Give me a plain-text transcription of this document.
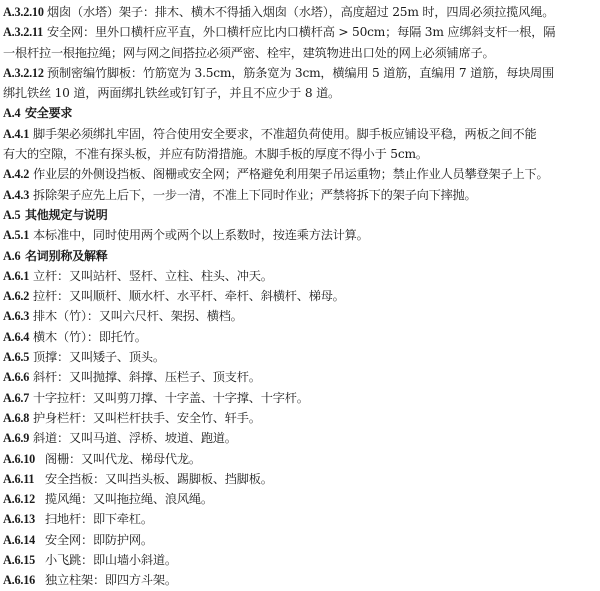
A.3.2.10 烟囱（水塔）架子：排木、横木不得插入烟囱（水塔），高度超过 25m 时，四周必须拉揽风绳。
A.3.2.11 安全网：里外口横杆应平直，外口横杆应比内口横杆高 > 50cm；每隔 3m 应绑斜支杆一根，隔
一根杆拉一根拖拉绳；网与网之间搭拉必须严密、栓牢，建筑物进出口处的网上必须铺席子。
A.3.2.12 预制密编竹脚板：竹筋宽为 3.5cm，筋条宽为 3cm，横编用 5 道筋，直编用 7 道筋，每块周围
绑扎铁丝 10 道，两面绑扎铁丝或钉钉子，并且不应少于 8 道。
A.4 安全要求
A.4.1 脚手架必须绑扎牢固，符合使用安全要求，不准超负荷使用。脚手板应铺设平稳，两板之间不能
有大的空隙，不准有探头板，并应有防滑措施。木脚手板的厚度不得小于 5cm。
A.4.2 作业层的外侧设挡板、阁栅或安全网；严格避免利用架子吊运重物；禁止作业人员攀登架子上下。
A.4.3 拆除架子应先上后下，一步一清，不准上下同时作业；严禁将拆下的架子向下摔抛。
A.5 其他规定与说明
A.5.1 本标准中，同时使用两个或两个以上系数时，按连乘方法计算。
A.6 名词别称及解释
A.6.1 立杆：又叫站杆、竖杆、立柱、柱头、冲天。
A.6.2 拉杆：又叫顺杆、顺水杆、水平杆、牵杆、斜横杆、梯母。
A.6.3 排木（竹）：又叫六尺杆、架拐、横档。
A.6.4 横木（竹）：即托竹。
A.6.5 顶撑：又叫矮子、顶头。
A.6.6 斜杆：又叫抛撑、斜撑、压栏子、顶支杆。
A.6.7 十字拉杆：又叫剪刀撑、十字盖、十字撑、十字杆。
A.6.8 护身栏杆：又叫栏杆扶手、安全竹、轩手。
A.6.9 斜道：又叫马道、浮桥、坡道、跑道。
A.6.10 阁栅：又叫代龙、梯母代龙。
A.6.11 安全挡板：又叫挡头板、踢脚板、挡脚板。
A.6.12 揽风绳：又叫拖拉绳、浪风绳。
A.6.13 扫地杆：即下牵杠。
A.6.14 安全网：即防护网。
A.6.15 小飞跳：即山墙小斜道。
A.6.16 独立柱架：即四方斗架。
